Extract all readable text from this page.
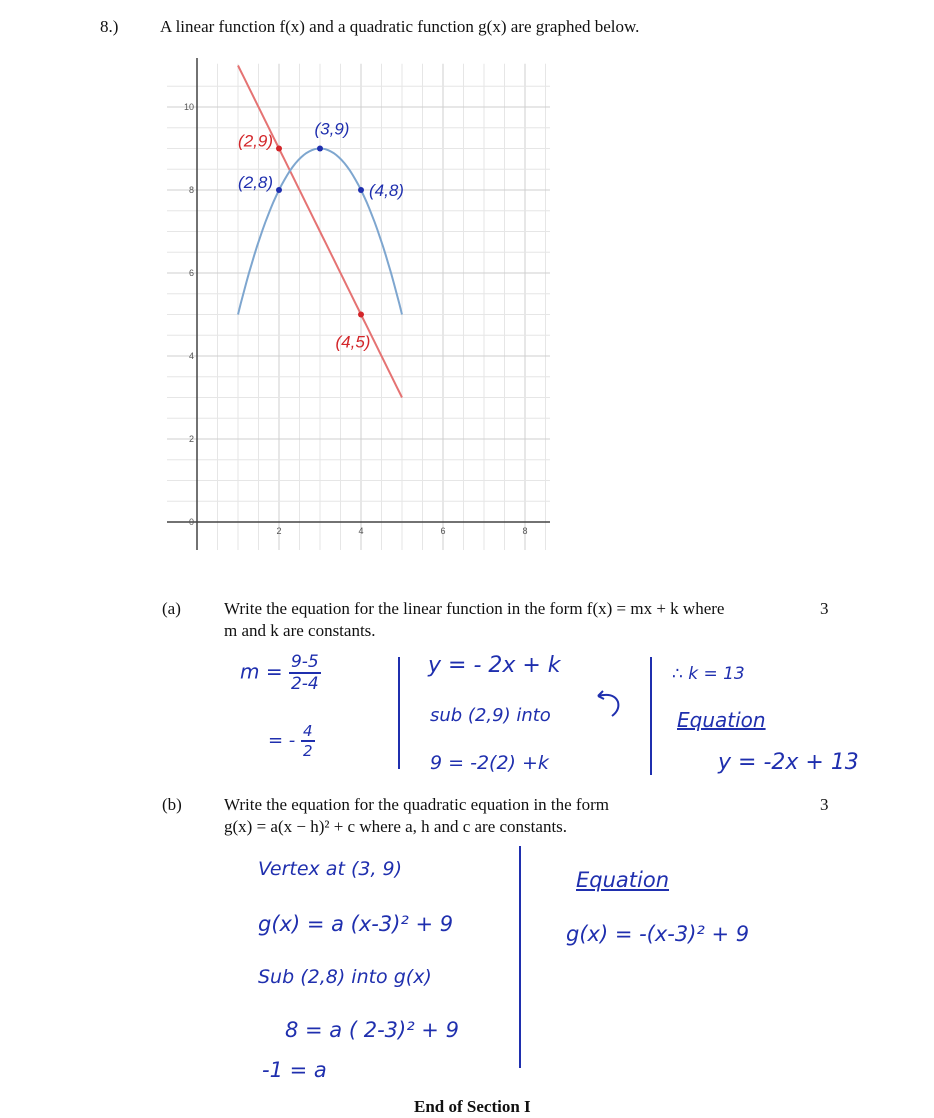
8.) A linear function f(x) and a quadratic function g(x) are graphed below.
2	4	6	8
0
2
4
6
8
10
(2,9)
(3,9)
(2,8)	(4,8)
(4,5)
(a)	Write the equation for the linear function in the form f(x) = mx + k where	3
m and k are constants.
$m = \frac{9-5}{2-4}$
= - $\frac{4}{2}$
y = - 2x + k
sub (2,9) into
9 = -2(2) +k
∴ k = 13
Equation
y = -2x + 13
(b) Write the equation for the quadratic equation in the form	3
g(x) = a(x − h)² + c where a, h and c are constants.
Vertex at (3, 9)
g(x) = a (x-3)² + 9
Sub (2,8) into g(x)
8 = a ( 2-3)² + 9
-1 = a
Equation
g(x) = -(x-3)² + 9
End of Section I
